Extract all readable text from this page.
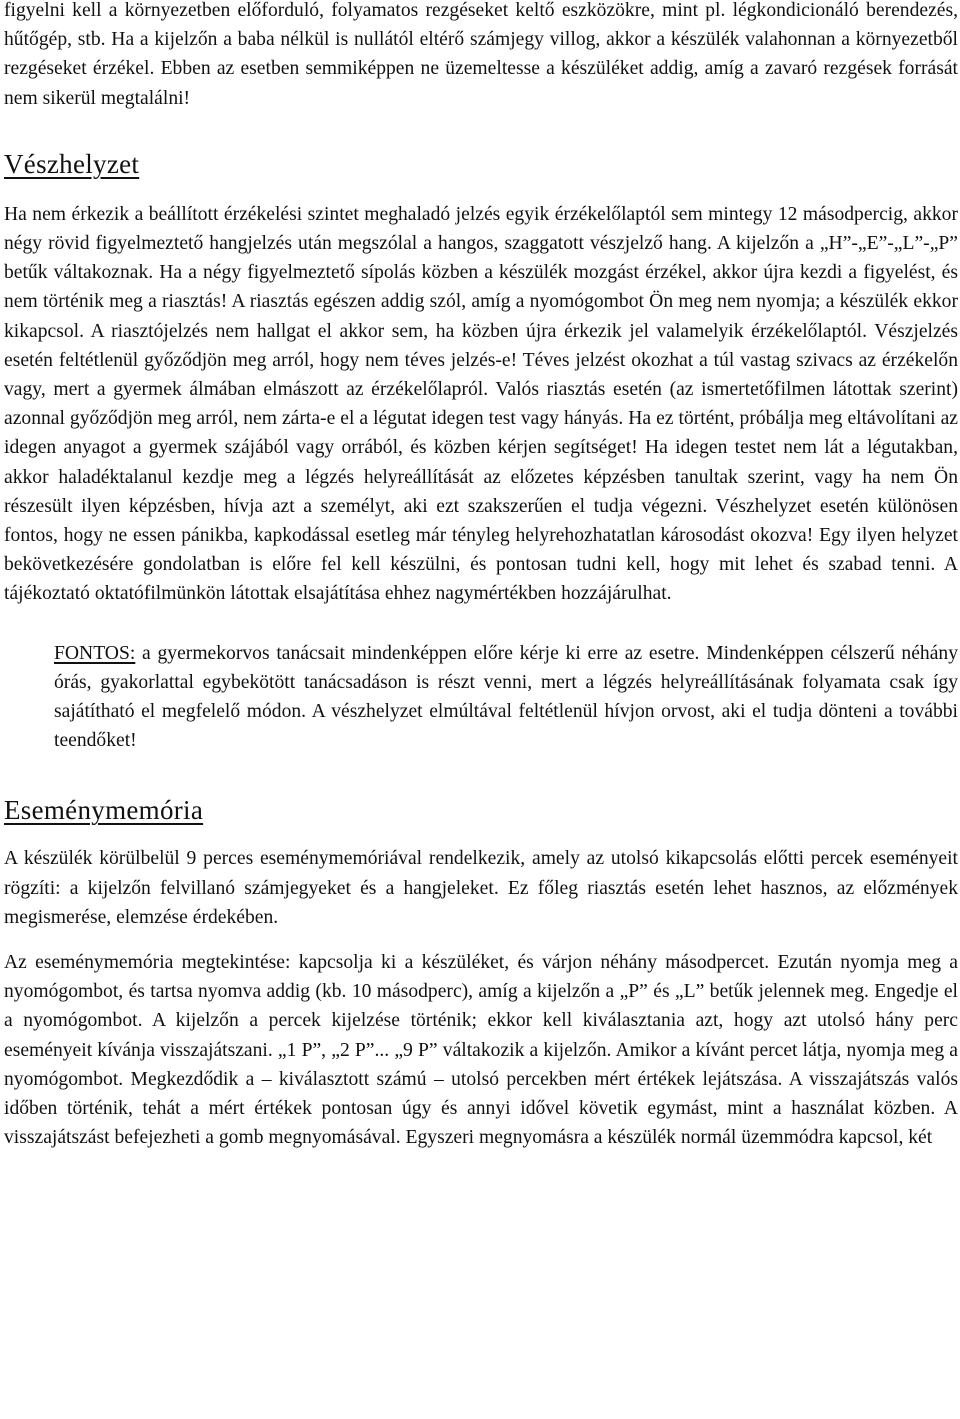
figyelni kell a környezetben előforduló, folyamatos rezgéseket keltő eszközökre, mint pl. légkondicionáló berendezés, hűtőgép, stb. Ha a kijelzőn a baba nélkül is nullától eltérő számjegy villog, akkor a készülék valahonnan a környezetből rezgéseket érzékel. Ebben az esetben semmiképpen ne üzemeltesse a készüléket addig, amíg a zavaró rezgések forrását nem sikerül megtalálni!

Vészhelyzet

Ha nem érkezik a beállított érzékelési szintet meghaladó jelzés egyik érzékelőlaptól sem mintegy 12 másodpercig, akkor négy rövid figyelmeztető hangjelzés után megszólal a hangos, szaggatott vészjelző hang. A kijelzőn a „H”-„E”-„L”-„P” betűk váltakoznak. Ha a négy figyelmeztető sípolás közben a készülék mozgást érzékel, akkor újra kezdi a figyelést, és nem történik meg a riasztás! A riasztás egészen addig szól, amíg a nyomógombot Ön meg nem nyomja; a készülék ekkor kikapcsol. A riasztójelzés nem hallgat el akkor sem, ha közben újra érkezik jel valamelyik érzékelőlaptól. Vészjelzés esetén feltétlenül győződjön meg arról, hogy nem téves jelzés-e! Téves jelzést okozhat a túl vastag szivacs az érzékelőn vagy, mert a gyermek álmában elmászott az érzékelőlapról. Valós riasztás esetén (az ismertetőfilmen látottak szerint) azonnal győződjön meg arról, nem zárta-e el a légutat idegen test vagy hányás. Ha ez történt, próbálja meg eltávolítani az idegen anyagot a gyermek szájából vagy orrából, és közben kérjen segítséget! Ha idegen testet nem lát a légutakban, akkor haladéktalanul kezdje meg a légzés helyreállítását az előzetes képzésben tanultak szerint, vagy ha nem Ön részesült ilyen képzésben, hívja azt a személyt, aki ezt szakszerűen el tudja végezni. Vészhelyzet esetén különösen fontos, hogy ne essen pánikba, kapkodással esetleg már tényleg helyrehozhatatlan károsodást okozva! Egy ilyen helyzet bekövetkezésére gondolatban is előre fel kell készülni, és pontosan tudni kell, hogy mit lehet és szabad tenni. A tájékoztató oktatófilmünkön látottak elsajátítása ehhez nagymértékben hozzájárulhat.

FONTOS: a gyermekorvos tanácsait mindenképpen előre kérje ki erre az esetre. Mindenképpen célszerű néhány órás, gyakorlattal egybekötött tanácsadáson is részt venni, mert a légzés helyreállításának folyamata csak így sajátítható el megfelelő módon. A vészhelyzet elmúltával feltétlenül hívjon orvost, aki el tudja dönteni a további teendőket!

Eseménymemória

A készülék körülbelül 9 perces eseménymemóriával rendelkezik, amely az utolsó kikapcsolás előtti percek eseményeit rögzíti: a kijelzőn felvillanó számjegyeket és a hangjeleket. Ez főleg riasztás esetén lehet hasznos, az előzmények megismerése, elemzése érdekében.

Az eseménymemória megtekintése: kapcsolja ki a készüléket, és várjon néhány másodpercet. Ezután nyomja meg a nyomógombot, és tartsa nyomva addig (kb. 10 másodperc), amíg a kijelzőn a „P” és „L” betűk jelennek meg. Engedje el a nyomógombot. A kijelzőn a percek kijelzése történik; ekkor kell kiválasztania azt, hogy azt utolsó hány perc eseményeit kívánja visszajátszani. „1 P”, „2 P”... „9 P” váltakozik a kijelzőn. Amikor a kívánt percet látja, nyomja meg a nyomógombot. Megkezdődik a – kiválasztott számú – utolsó percekben mért értékek lejátszása. A visszajátszás valós időben történik, tehát a mért értékek pontosan úgy és annyi idővel követik egymást, mint a használat közben. A visszajátszást befejezheti a gomb megnyomásával. Egyszeri megnyomásra a készülék normál üzemmódra kapcsol, két
